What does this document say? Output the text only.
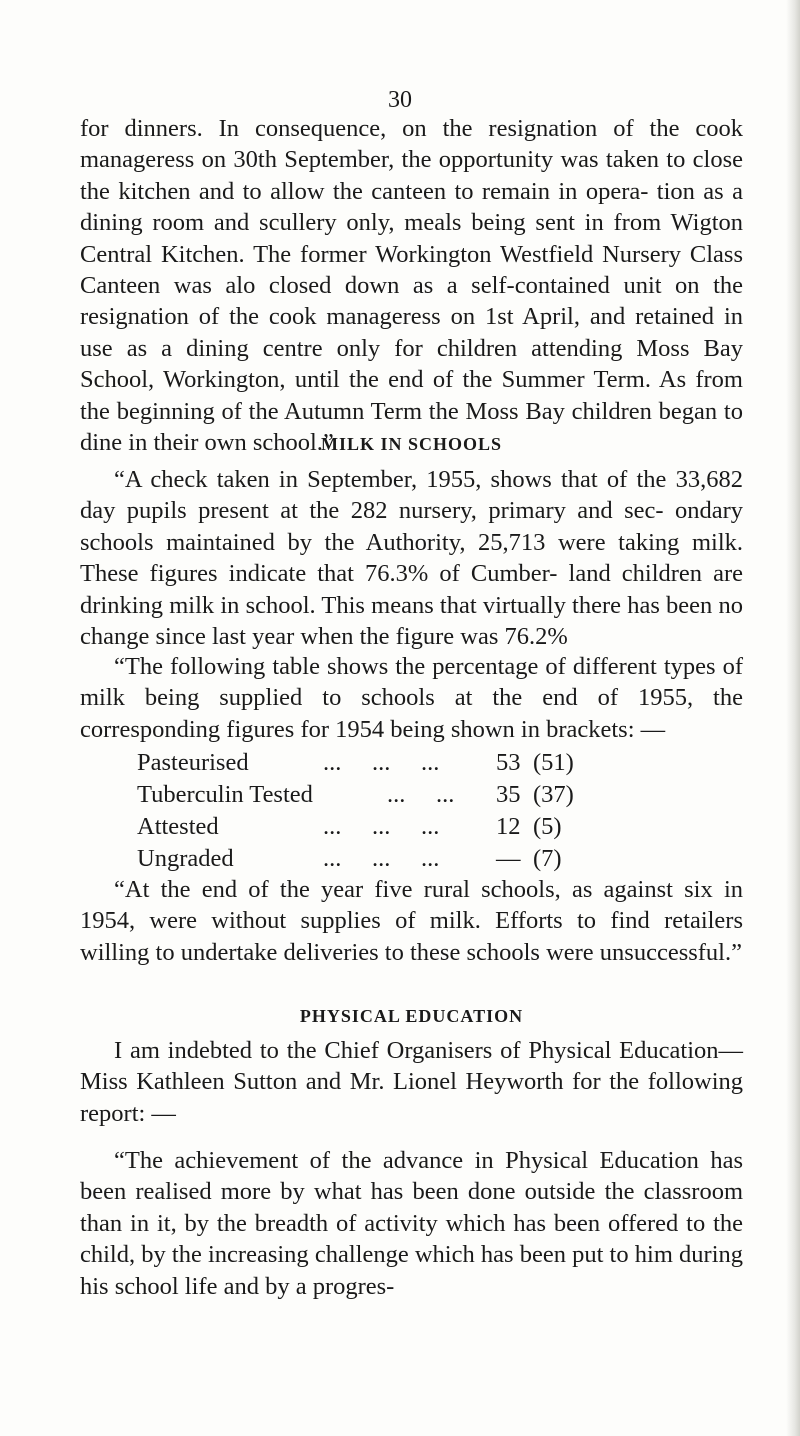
30

for dinners. In consequence, on the resignation of the cook manageress on 30th September, the opportunity was taken to close the kitchen and to allow the canteen to remain in opera- tion as a dining room and scullery only, meals being sent in from Wigton Central Kitchen. The former Workington Westfield Nursery Class Canteen was alo closed down as a self-contained unit on the resignation of the cook manageress on 1st April, and retained in use as a dining centre only for children attending Moss Bay School, Workington, until the end of the Summer Term. As from the beginning of the Autumn Term the Moss Bay children began to dine in their own school.”

MILK IN SCHOOLS

“A check taken in September, 1955, shows that of the 33,682 day pupils present at the 282 nursery, primary and sec- ondary schools maintained by the Authority, 25,713 were taking milk. These figures indicate that 76.3% of Cumber- land children are drinking milk in school. This means that virtually there has been no change since last year when the figure was 76.2%

“The following table shows the percentage of different types of milk being supplied to schools at the end of 1955, the corresponding figures for 1954 being shown in brackets: —

Pasteurised	...     ...     ... 53 (51)
Tuberculin Tested	...     ... 35 (37)
Attested	...     ...     ... 12 (5)
Ungraded	...     ...     ... — (7)

“At the end of the year five rural schools, as against six in 1954, were without supplies of milk. Efforts to find retailers willing to undertake deliveries to these schools were unsuccessful.”

PHYSICAL EDUCATION

I am indebted to the Chief Organisers of Physical Education—Miss Kathleen Sutton and Mr. Lionel Heyworth for the following report: —

“The achievement of the advance in Physical Education has been realised more by what has been done outside the classroom than in it, by the breadth of activity which has been offered to the child, by the increasing challenge which has been put to him during his school life and by a progres-
